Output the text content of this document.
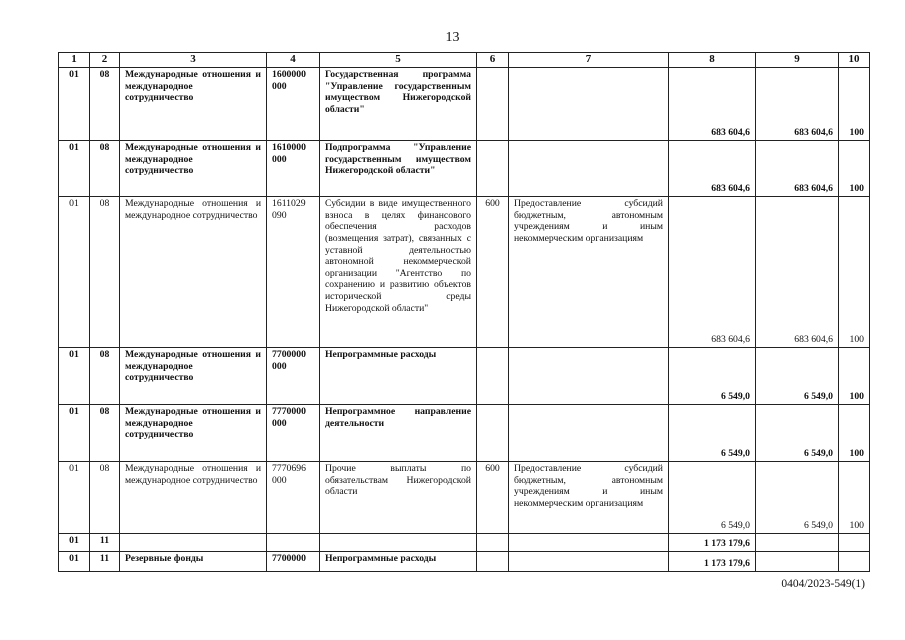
13
1	2	3	4	5	6	7	8	9	10
01	08	Международные отношения и международное сотрудничество	1600000 000	Государственная программа "Управление государственным имуществом Нижегородской области"			683 604,6	683 604,6	100
01	08	Международные отношения и международное сотрудничество	1610000 000	Подпрограмма "Управление государственным имуществом Нижегородской области"			683 604,6	683 604,6	100
01	08	Международные отношения и международное сотрудничество	1611029 090	Субсидии в виде имущественного взноса в целях финансового обеспечения расходов (возмещения затрат), связанных с уставной деятельностью автономной некоммерческой организации "Агентство по сохранению и развитию объектов исторической среды Нижегородской области"	600	Предоставление субсидий бюджетным, автономным учреждениям и иным некоммерческим организациям	683 604,6	683 604,6	100
01	08	Международные отношения и международное сотрудничество	7700000 000	Непрограммные расходы			6 549,0	6 549,0	100
01	08	Международные отношения и международное сотрудничество	7770000 000	Непрограммное направление деятельности			6 549,0	6 549,0	100
01	08	Международные отношения и международное сотрудничество	7770696 000	Прочие выплаты по обязательствам Нижегородской области	600	Предоставление субсидий бюджетным, автономным учреждениям и иным некоммерческим организациям	6 549,0	6 549,0	100
01	11						1 173 179,6		
01	11	Резервные фонды	7700000	Непрограммные расходы			1 173 179,6		
0404/2023-549(1)
